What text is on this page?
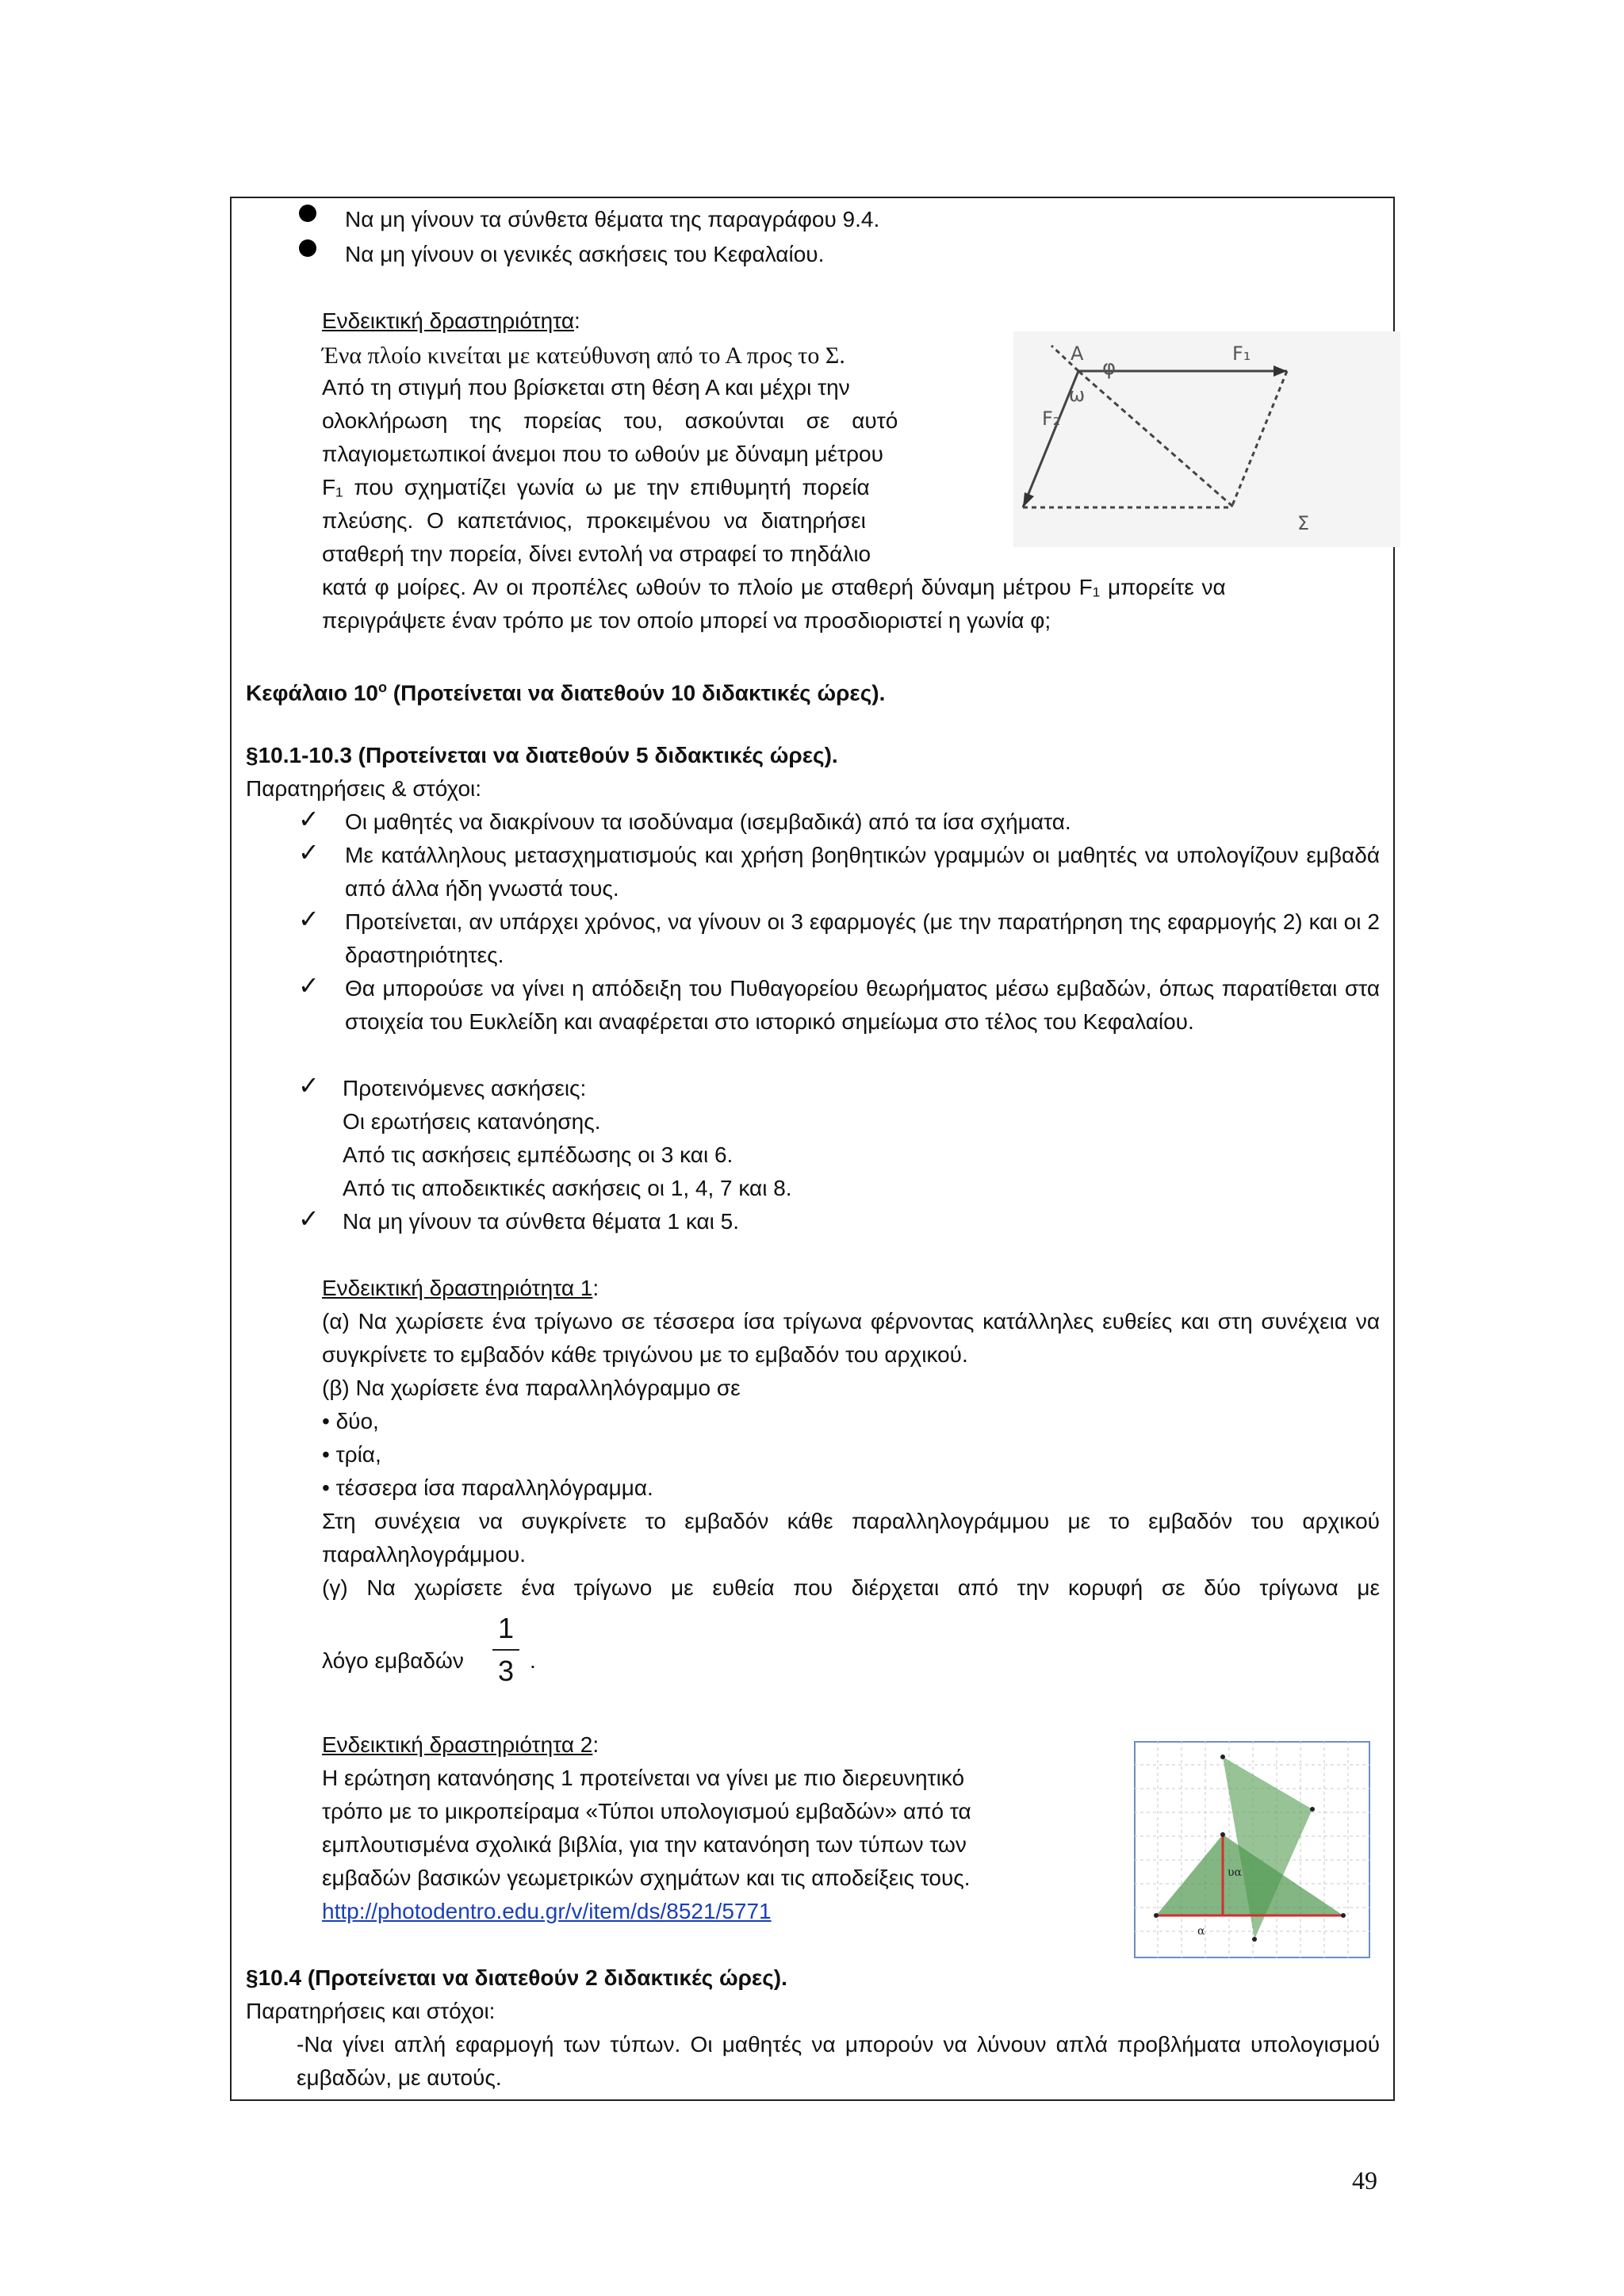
Να μη γίνουν τα σύνθετα θέματα της παραγράφου 9.4.
Να μη γίνουν οι γενικές ασκήσεις του Κεφαλαίου.
Ενδεικτική δραστηριότητα:
Ένα πλοίο κινείται με κατεύθυνση από το Α προς το Σ.
Από τη στιγμή που βρίσκεται στη θέση Α και μέχρι την
ολοκλήρωση της πορείας του, ασκούνται σε αυτό
πλαγιομετωπικοί άνεμοι που το ωθούν με δύναμη μέτρου
F₁ που σχηματίζει γωνία ω με την επιθυμητή πορεία
πλεύσης. Ο καπετάνιος, προκειμένου να διατηρήσει
σταθερή την πορεία, δίνει εντολή να στραφεί το πηδάλιο
κατά φ μοίρες. Αν οι προπέλες ωθούν το πλοίο με σταθερή δύναμη μέτρου F₁ μπορείτε να
περιγράψετε έναν τρόπο με τον οποίο μπορεί να προσδιοριστεί η γωνία φ;
φ
ω
A	F₁
F₂
Σ
Κεφάλαιο $10^o$ (Προτείνεται να διατεθούν 10 διδακτικές ώρες).
§10.1-10.3 (Προτείνεται να διατεθούν 5 διδακτικές ώρες).
Παρατηρήσεις & στόχοι:
✓ Οι μαθητές να διακρίνουν τα ισοδύναμα (ισεμβαδικά) από τα ίσα σχήματα.
✓ Με κατάλληλους μετασχηματισμούς και χρήση βοηθητικών γραμμών οι μαθητές να υπολογίζουν εμβαδά από άλλα ήδη γνωστά τους.
✓ Προτείνεται, αν υπάρχει χρόνος, να γίνουν οι 3 εφαρμογές (με την παρατήρηση της εφαρμογής 2) και οι 2 δραστηριότητες.
✓ Θα μπορούσε να γίνει η απόδειξη του Πυθαγορείου θεωρήματος μέσω εμβαδών, όπως παρατίθεται στα στοιχεία του Ευκλείδη και αναφέρεται στο ιστορικό σημείωμα στο τέλος του Κεφαλαίου.
✓ Προτεινόμενες ασκήσεις:
Οι ερωτήσεις κατανόησης.
Από τις ασκήσεις εμπέδωσης οι 3 και 6.
Από τις αποδεικτικές ασκήσεις οι 1, 4, 7 και 8.
✓ Να μη γίνουν τα σύνθετα θέματα 1 και 5.
Ενδεικτική δραστηριότητα 1:
(α) Να χωρίσετε ένα τρίγωνο σε τέσσερα ίσα τρίγωνα φέρνοντας κατάλληλες ευθείες και στη συνέχεια να συγκρίνετε το εμβαδόν κάθε τριγώνου με το εμβαδόν του αρχικού.
(β) Να χωρίσετε ένα παραλληλόγραμμο σε
• δύο,
• τρία,
• τέσσερα ίσα παραλληλόγραμμα.
Στη συνέχεια να συγκρίνετε το εμβαδόν κάθε παραλληλογράμμου με το εμβαδόν του αρχικού παραλληλογράμμου.
(γ) Να χωρίσετε ένα τρίγωνο με ευθεία που διέρχεται από την κορυφή σε δύο τρίγωνα με
λόγο εμβαδών
1
3 .
Ενδεικτική δραστηριότητα 2:
Η ερώτηση κατανόησης 1 προτείνεται να γίνει με πιο διερευνητικό
τρόπο με το μικροπείραμα «Τύποι υπολογισμού εμβαδών» από τα
εμπλουτισμένα σχολικά βιβλία, για την κατανόηση των τύπων των
εμβαδών βασικών γεωμετρικών σχημάτων και τις αποδείξεις τους.
http://photodentro.edu.gr/v/item/ds/8521/5771
υα
α
§10.4 (Προτείνεται να διατεθούν 2 διδακτικές ώρες).
Παρατηρήσεις και στόχοι:
-Να γίνει απλή εφαρμογή των τύπων. Οι μαθητές να μπορούν να λύνουν απλά προβλήματα υπολογισμού εμβαδών, με αυτούς.
49
